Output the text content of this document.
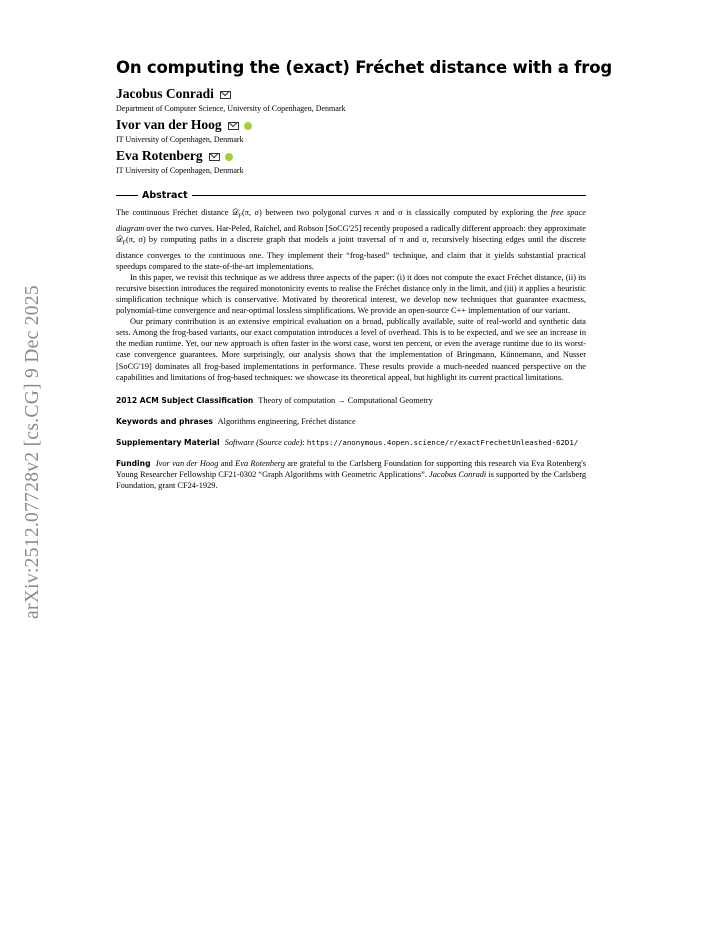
arXiv:2512.07728v2 [cs.CG] 9 Dec 2025
On computing the (exact) Fréchet distance with a frog
Jacobus Conradi
Department of Computer Science, University of Copenhagen, Denmark
Ivor van der Hoog
IT University of Copenhagen, Denmark
Eva Rotenberg
IT University of Copenhagen, Denmark
Abstract

The continuous Fréchet distance 𝒟$_F$(π, σ) between two polygonal curves π and σ is classically computed by exploring the free space diagram over the two curves. Har-Peled, Raichel, and Robson [SoCG'25] recently proposed a radically different approach: they approximate 𝒟$_F$(π, σ) by computing paths in a discrete graph that models a joint traversal of π and σ, recursively bisecting edges until the discrete distance converges to the continuous one. They implement their “frog-based” technique, and claim that it yields substantial practical speedups compared to the state-of-the-art implementations.

In this paper, we revisit this technique as we address three aspects of the paper: (i) it does not compute the exact Fréchet distance, (ii) its recursive bisection introduces the required monotonicity events to realise the Fréchet distance only in the limit, and (iii) it applies a heuristic simplification technique which is conservative. Motivated by theoretical interest, we develop new techniques that guarantee exactness, polynomial-time convergence and near-optimal lossless simplifications. We provide an open-source C++ implementation of our variant.

Our primary contribution is an extensive empirical evaluation on a broad, publically available, suite of real-world and synthetic data sets. Among the frog-based variants, our exact computation introduces a level of overhead. This is to be expected, and we see an increase in the median runtime. Yet, our new approach is often faster in the worst case, worst ten percent, or even the average runtime due to its worst-case convergence guarantees. More surprisingly, our analysis shows that the implementation of Bringmann, Künnemann, and Nusser [SoCG'19] dominates all frog-based implementations in performance. These results provide a much-needed nuanced perspective on the capabilities and limitations of frog-based techniques: we showcase its theoretical appeal, but highlight its current practical limitations.

2012 ACM Subject Classification Theory of computation → Computational Geometry
Keywords and phrases Algorithms engineering, Fréchet distance
Supplementary Material Software (Source code): https://anonymous.4open.science/r/exactFrechetUnleashed-62D1/
Funding Ivor van der Hoog and Eva Rotenberg are grateful to the Carlsberg Foundation for supporting this research via Eva Rotenberg's Young Researcher Fellowship CF21-0302 “Graph Algorithms with Geometric Applications”. Jacobus Conradi is supported by the Carlsberg Foundation, grant CF24-1929.
